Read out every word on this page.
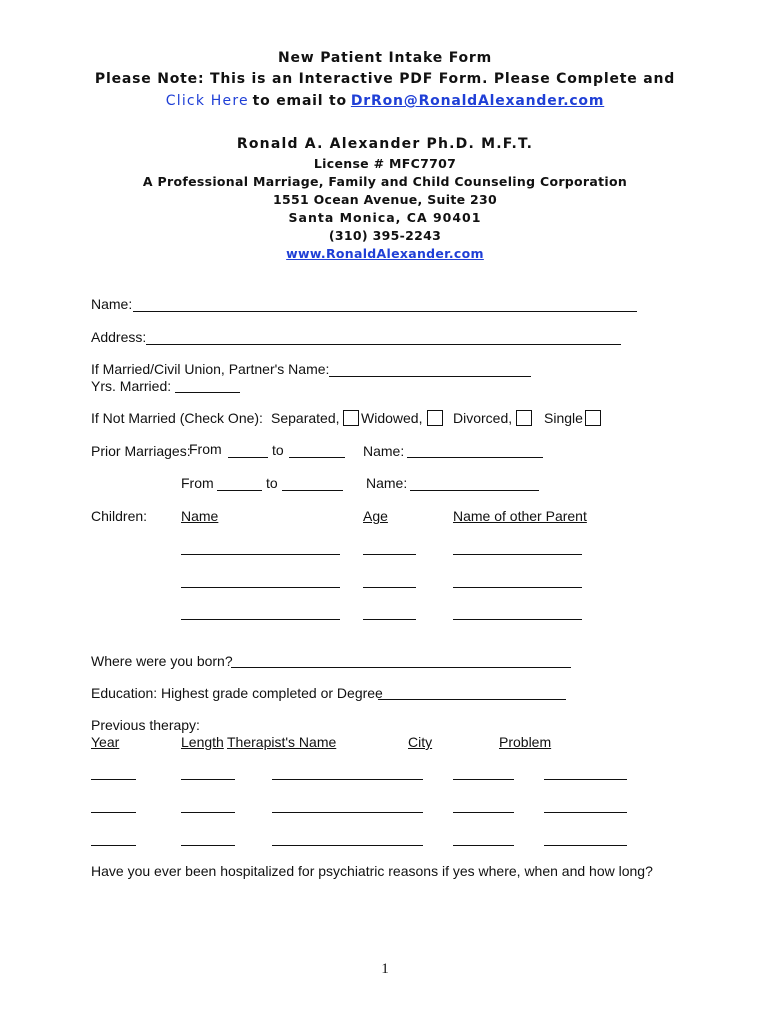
New Patient Intake Form
Please Note: This is an Interactive PDF Form. Please Complete and
Click Here to email to DrRon@RonaldAlexander.com
Ronald A. Alexander Ph.D. M.F.T.
License # MFC7707
A Professional Marriage, Family and Child Counseling Corporation
1551 Ocean Avenue, Suite 230
Santa Monica, CA 90401
(310) 395-2243
www.RonaldAlexander.com
Name:
Address:
If Married/Civil Union, Partner's Name:
Yrs. Married:
If Not Married (Check One): Separated, Widowed, Divorced, Single
Prior Marriages:
From	to	Name:
From	to	Name:
Children: Name	Age	Name of other Parent
Where were you born?
Education: Highest grade completed or Degree
Previous therapy:
Year	Length Therapist's Name	City	Problem
Have you ever been hospitalized for psychiatric reasons if yes where, when and how long?
1
